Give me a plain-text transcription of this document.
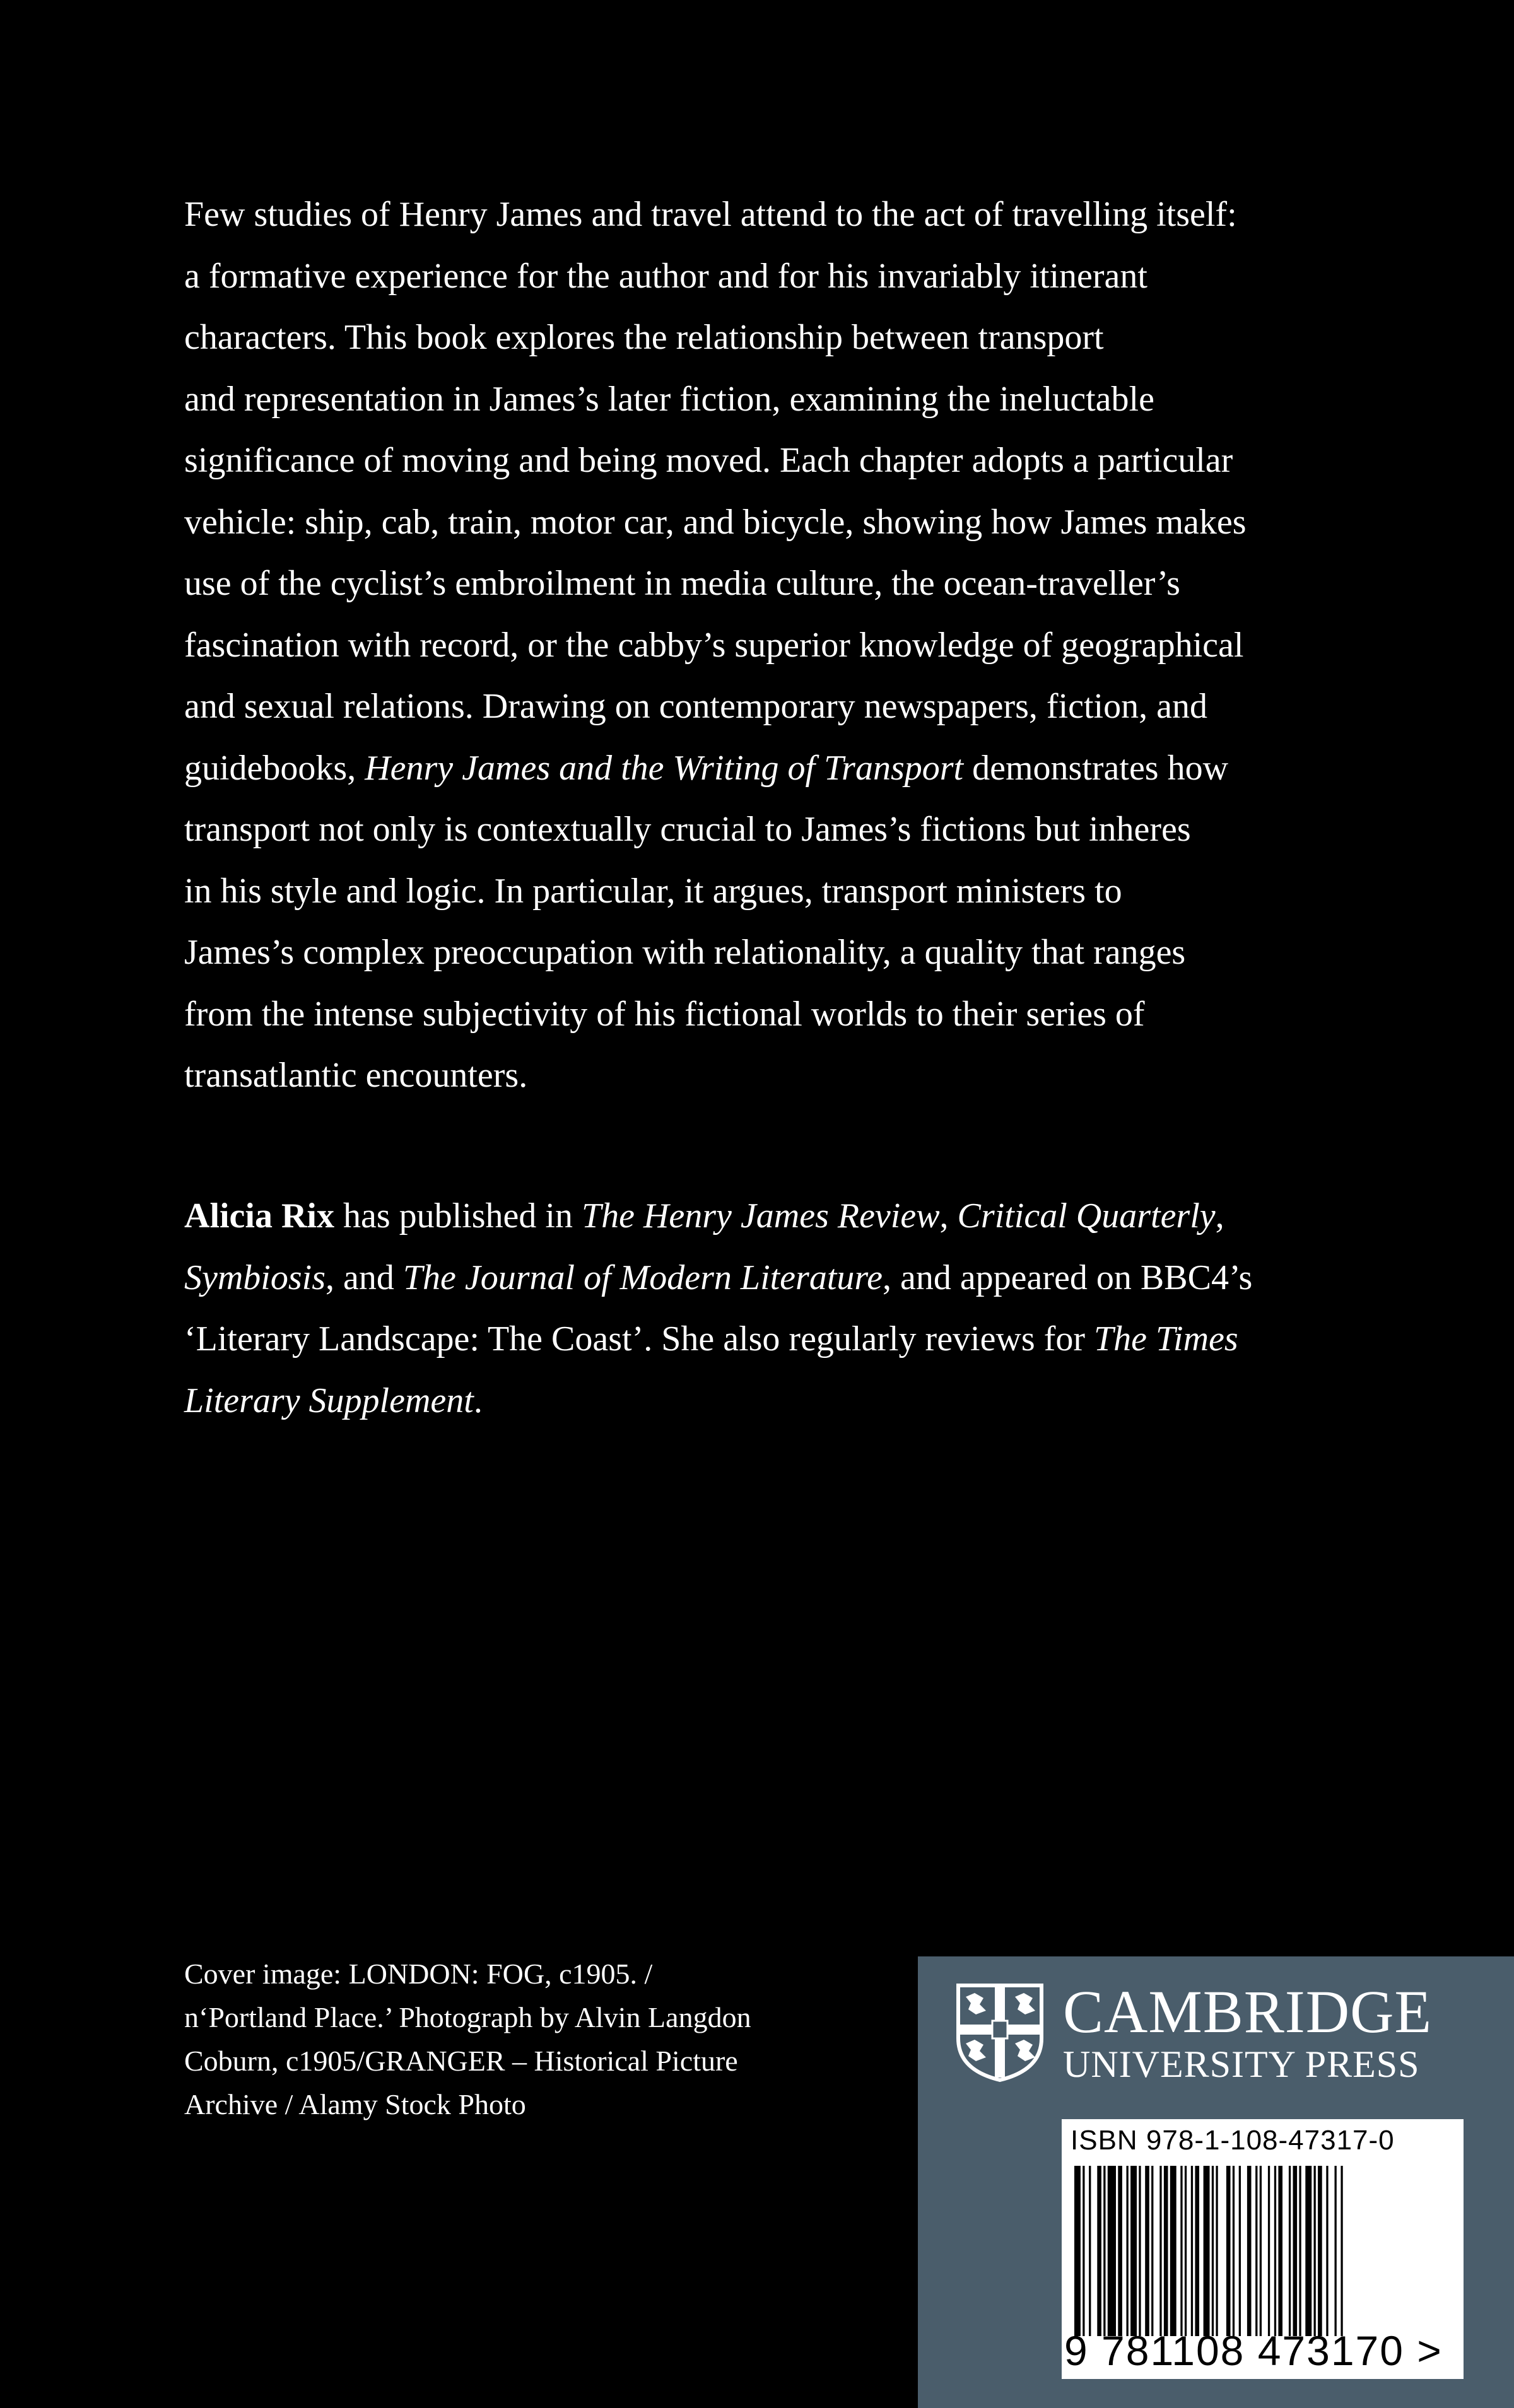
Few studies of Henry James and travel attend to the act of travelling itself:
a formative experience for the author and for his invariably itinerant
characters. This book explores the relationship between transport
and representation in James’s later fiction, examining the ineluctable
significance of moving and being moved. Each chapter adopts a particular
vehicle: ship, cab, train, motor car, and bicycle, showing how James makes
use of the cyclist’s embroilment in media culture, the ocean-traveller’s
fascination with record, or the cabby’s superior knowledge of geographical
and sexual relations. Drawing on contemporary newspapers, fiction, and
guidebooks, Henry James and the Writing of Transport demonstrates how
transport not only is contextually crucial to James’s fictions but inheres
in his style and logic. In particular, it argues, transport ministers to
James’s complex preoccupation with relationality, a quality that ranges
from the intense subjectivity of his fictional worlds to their series of
transatlantic encounters.

Alicia Rix has published in The Henry James Review, Critical Quarterly,
Symbiosis, and The Journal of Modern Literature, and appeared on BBC4’s
‘Literary Landscape: The Coast’. She also regularly reviews for The Times
Literary Supplement.

Cover image: LONDON: FOG, c1905. /
n‘Portland Place.’ Photograph by Alvin Langdon
Coburn, c1905/GRANGER – Historical Picture
Archive / Alamy Stock Photo

CAMBRIDGE
UNIVERSITY PRESS

ISBN 978-1-108-47317-0
9 781108 473170 >
